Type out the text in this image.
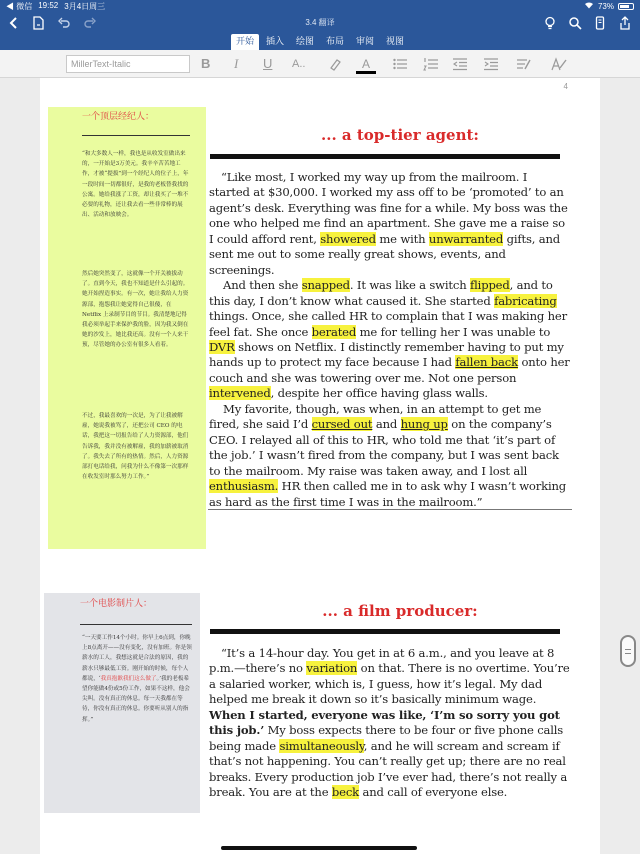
◀ 微信 19:52 3月4日周三	73%
3.4 翻译
开始	插入	绘图	布局	审阅	视图
MillerText-Italic	B I U A..	A
4
一个顶层经纪人：
“和大多数人一样，我也是从收发室做出来的，一开始是3万美元。我辛辛苦苦地工作，才被“提拔”到一个经纪人的位子上，年一段时间一切都很好，是我的老板替我找的公寓。她给我涨了工资，却让我买了一堆不必要的礼物，还让我去看一些非常棒的展出、活动和放映会。
然后她突然变了，这就像一个开关被拔动了。直到今天，我也不知道是什么引起的。她开始捏造事实。有一次，她让我给人力资源部，抱怨我让她觉得自己很傻，在 Netflix 上录制节目的节目。我清楚地记得我必须举起手来保护我的脸，因为我又倒在她的沙发上，她比我还高。没有一个人来干预，尽管她的办公室有很多人看着。
不过，我最喜欢的一次是，为了让我被解雇，她说我被骂了，还把公司 CEO 的电话，我把这一切报告给了人力资源部，他们告诉我，我并没有被解雇，我的加薪被取消了。我失去了所有的热情。然后，人力资源部打电话给我，问我为什么不像第一次那样在收发室时那么努力工作。”
... a top-tier agent:

“Like most, I worked my way up from the mailroom. I started at $30,000. I worked my ass off to be ‘promoted’ to an agent’s desk. Everything was fine for a while. My boss was the one who helped me find an apartment. She gave me a raise so I could afford rent, showered me with unwarranted gifts, and sent me out to some really great shows, events, and screenings.

And then she snapped. It was like a switch flipped, and to this day, I don’t know what caused it. She started fabricating things. Once, she called HR to complain that I was making her feel fat. She once berated me for telling her I was unable to DVR shows on Netflix. I distinctly remember having to put my hands up to protect my face because I had fallen back onto her couch and she was towering over me. Not one person intervened, despite her office having glass walls.

My favorite, though, was when, in an attempt to get me fired, she said I’d cursed out and hung up on the company’s CEO. I relayed all of this to HR, who told me that ‘it’s part of the job.’ I wasn’t fired from the company, but I was sent back to the mailroom. My raise was taken away, and I lost all enthusiasm. HR then called me in to ask why I wasn’t working as hard as the first time I was in the mailroom.”

一个电影制片人：
“一天要工作14个小时。你早上6点到，你晚上8点离开——没有变化，没有加班。你是领薪水的工人，我想这就是合法的原因，我的薪水只够最低工资。刚开始的时候，每个人都说，‘我真抱歉我们这么做了。’我的老板希望你能做4份或5份工作，如果不这样，他会尖叫。没有真正的休息。每一天我都在等待，你没有真正的休息。你要听从别人的指挥。”
... a film producer:

“It’s a 14-hour day. You get in at 6 a.m., and you leave at 8 p.m.—there’s no variation on that. There is no overtime. You’re a salaried worker, which is, I guess, how it’s legal. My dad helped me break it down so it’s basically minimum wage. When I started, everyone was like, ‘I’m so sorry you got this job.’ My boss expects there to be four or five phone calls being made simultaneously, and he will scream and scream if that’s not happening. You can’t really get up; there are no real breaks. Every production job I’ve ever had, there’s not really a break. You are at the beck and call of everyone else.
